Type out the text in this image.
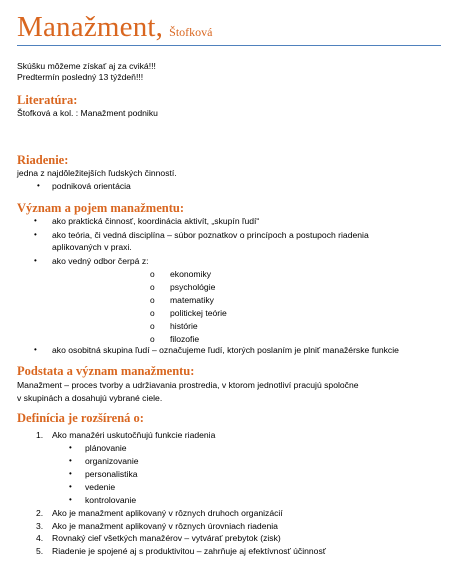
Manažment, Štofková
Skúšku môžeme získať aj za cviká!!!
Predtermín posledný 13 týždeň!!!
Literatúra:
Štofková a kol. : Manažment podniku
Riadenie:
jedna z najdôležitejších ľudských činností.
• podniková orientácia
Význam a pojem manažmentu:
• ako praktická činnosť, koordinácia aktivít, „skupín ľudí“
• ako teória, či vedná disciplína – súbor poznatkov o princípoch a postupoch riadenia
aplikovaných v praxi.
• ako vedný odbor čerpá z:
o ekonomiky
o psychológie
o matematiky
o politickej teórie
o histórie
o filozofie
• ako osobitná skupina ľudí – označujeme ľudí, ktorých poslaním je plniť manažérske funkcie
Podstata a význam manažmentu:
Manažment – proces tvorby a udržiavania prostredia, v ktorom jednotliví pracujú spoločne
v skupinách a dosahujú vybrané ciele.
Definícia je rozšírená o:
1. Ako manažéri uskutočňujú funkcie riadenia
• plánovanie
• organizovanie
• personalistika
• vedenie
• kontrolovanie
2. Ako je manažment aplikovaný v rôznych druhoch organizácií
3. Ako je manažment aplikovaný v rôznych úrovniach riadenia
4. Rovnaký cieľ všetkých manažérov – vytvárať prebytok (zisk)
5. Riadenie je spojené aj s produktivitou – zahrňuje aj efektívnosť účinnosť
